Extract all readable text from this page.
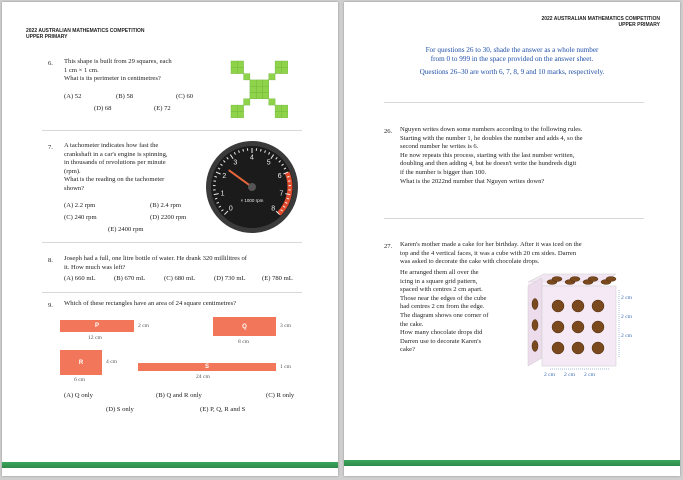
2022 AUSTRALIAN MATHEMATICS COMPETITION
UPPER PRIMARY
6. This shape is built from 29 squares, each
1 cm × 1 cm.
What is its perimeter in centimetres?
(A) 52	(B) 58	(C) 60
(D) 68	(E) 72
7. A tachometer indicates how fast the
crankshaft in a car's engine is spinning,
in thousands of revolutions per minute
(rpm).
What is the reading on the tachometer
shown?
(A) 2.2 rpm	(B) 2.4 rpm
(C) 240 rpm	(D) 2200 rpm
(E) 2400 rpm
0
1
2
3
4
5
6
7
8
× 1000 rpm
8. Joseph had a full, one litre bottle of water. He drank 320 millilitres of
it. How much was left?
(A) 660 mL	(B) 670 mL	(C) 680 mL	(D) 730 mL	(E) 780 mL
9. Which of these rectangles have an area of 24 square centimetres?
P	2 cm
12 cm
Q	3 cm
8 cm
R	4 cm
6 cm
S	1 cm
24 cm
(A) Q only	(B) Q and R only	(C) R only
(D) S only	(E) P, Q, R and S
2022 AUSTRALIAN MATHEMATICS COMPETITION
UPPER PRIMARY
For questions 26 to 30, shade the answer as a whole number
from 0 to 999 in the space provided on the answer sheet.
Questions 26–30 are worth 6, 7, 8, 9 and 10 marks, respectively.
26. Nguyen writes down some numbers according to the following rules.
Starting with the number 1, he doubles the number and adds 4, so the
second number he writes is 6.
He now repeats this process, starting with the last number written,
doubling and then adding 4, but he doesn't write the hundreds digit
if the number is bigger than 100.
What is the 2022nd number that Nguyen writes down?
27. Karen's mother made a cake for her birthday. After it was iced on the
top and the 4 vertical faces, it was a cube with 20 cm sides. Darren
was asked to decorate the cake with chocolate drops.
He arranged them all over the
icing in a square grid pattern,
spaced with centres 2 cm apart.
Those near the edges of the cube
had centres 2 cm from the edge.
The diagram shows one corner of
the cake.
How many chocolate drops did
Darren use to decorate Karen's
cake?
2 cm
2 cm
2 cm
2 cm 2 cm 2 cm
